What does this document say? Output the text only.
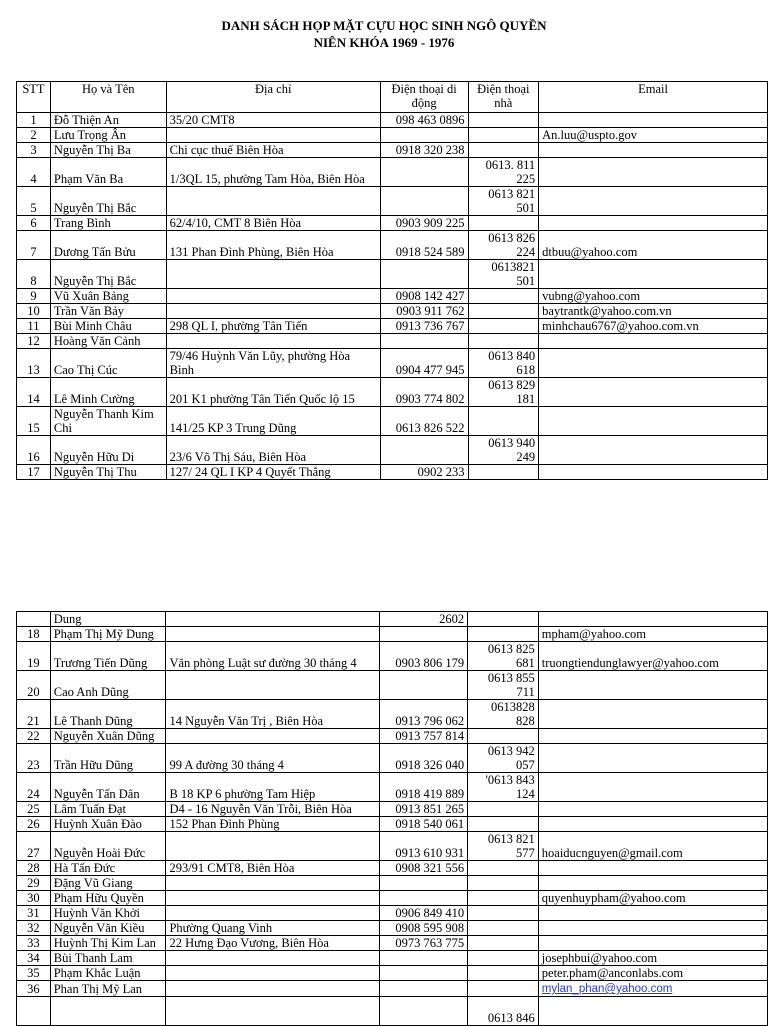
DANH SÁCH HỌP MẶT CỰU HỌC SINH NGÔ QUYỀN
NIÊN KHÓA 1969 - 1976
STT	Họ và Tên	Địa chỉ	Điện thoại di động	Điện thoại nhà	Email
1	Đỗ Thiện An	35/20 CMT8	098 463 0896		
2	Lưu Trọng Ân				An.luu@uspto.gov
3	Nguyễn Thị Ba	Chi cục thuế Biên Hòa	0918 320 238		
4	Phạm Văn Ba	1/3QL 15, phường Tam Hòa, Biên Hòa		0613. 811 225	
5	Nguyễn Thị Bắc			0613 821 501	
6	Trang Bình	62/4/10, CMT 8 Biên Hòa	0903 909 225		
7	Dương Tấn Bửu	131 Phan Đình Phùng, Biên Hòa	0918 524 589	0613 826 224	dtbuu@yahoo.com
8	Nguyễn Thị Bắc			0613821 501	
9	Vũ Xuân Bảng		0908 142 427		vubng@yahoo.com
10	Trần Văn Bảy		0903 911 762		baytrantk@yahoo.com.vn
11	Bùi Minh Châu	298 QL I, phường Tân Tiến	0913 736 767		minhchau6767@yahoo.com.vn
12	Hoàng Văn Cảnh				
13	Cao Thị Cúc	79/46 Huỳnh Văn Lũy, phường Hòa Bình	0904 477 945	0613 840 618	
14	Lê Minh Cường	201 K1 phường Tân Tiến Quốc lộ 15	0903 774 802	0613 829 181	
15	Nguyễn Thanh Kim Chi	141/25 KP 3 Trung Dũng	0613 826 522		
16	Nguyễn Hữu Di	23/6 Võ Thị Sáu, Biên Hòa		0613 940 249	
17	Nguyễn Thị Thu	127/ 24 QL I KP 4 Quyết Thắng	0902 233		
	Dung		2602		
18	Phạm Thị Mỹ Dung				mpham@yahoo.com
19	Trương Tiến Dũng	Văn phòng Luật sư đường 30 tháng 4	0903 806 179	0613 825 681	truongtiendunglawyer@yahoo.com
20	Cao Anh Dũng			0613 855 711	
21	Lê Thanh Dũng	14 Nguyễn Văn Trị , Biên Hòa	0913 796 062	0613828 828	
22	Nguyễn Xuân Dũng		0913 757 814		
23	Trần Hữu Dũng	99 A đường 30 tháng 4	0918 326 040	0613 942 057	
24	Nguyễn Tấn Dân	B 18 KP 6 phường Tam Hiệp	0918 419 889	'0613 843 124	
25	Lâm Tuấn Đạt	D4 - 16 Nguyễn Văn Trỗi, Biên Hòa	0913 851 265		
26	Huỳnh Xuân Đào	152 Phan Đình Phùng	0918 540 061		
27	Nguyễn Hoài Đức		0913 610 931	0613 821 577	hoaiducnguyen@gmail.com
28	Hà Tấn Đức	293/91 CMT8, Biên Hòa	0908 321 556		
29	Đặng Vũ Giang				
30	Phạm Hữu Quyền				quyenhuypham@yahoo.com
31	Huỳnh Văn Khởi		0906 849 410		
32	Nguyễn Văn Kiều	Phường Quang Vinh	0908 595 908		
33	Huỳnh Thị Kim Lan	22 Hưng Đạo Vương, Biên Hòa	0973 763 775		
34	Bùi Thanh Lam				josephbui@yahoo.com
35	Phạm Khắc Luận				peter.pham@anconlabs.com
36	Phan Thị Mỹ Lan				mylan_phan@yahoo.com
				0613 846	
